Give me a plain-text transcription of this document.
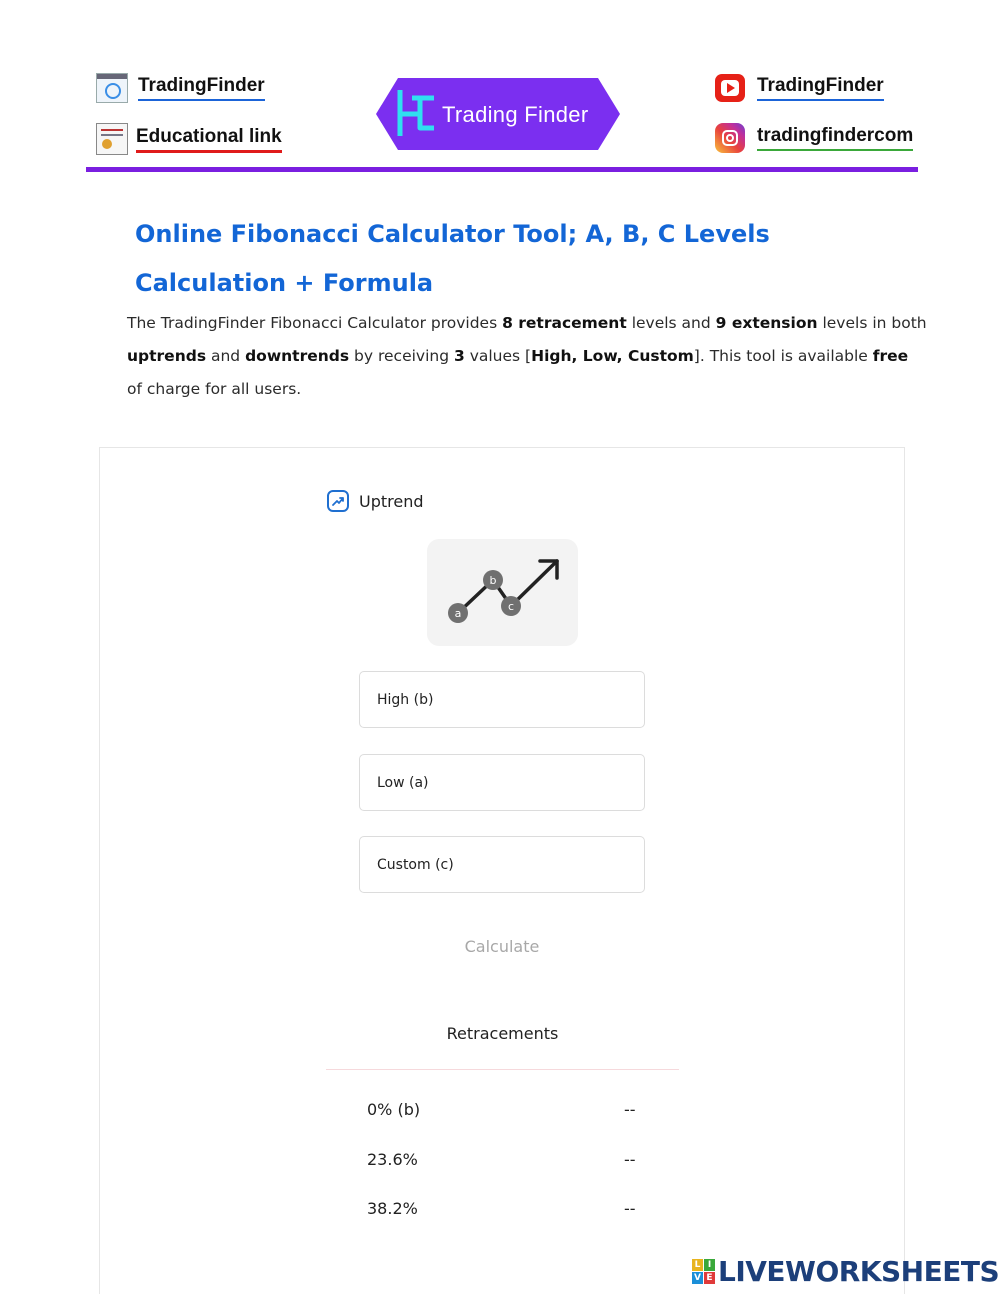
TradingFinder
Educational link
Trading Finder
TradingFinder
tradingfindercom
Online Fibonacci Calculator Tool; A, B, C Levels Calculation + Formula

The TradingFinder Fibonacci Calculator provides 8 retracement levels and 9 extension levels in both uptrends and downtrends by receiving 3 values [High, Low, Custom]. This tool is available free of charge for all users.

Uptrend
a
b
c
High (b)
Low (a)
Custom (c)
Calculate
Retracements
0% (b)	--
23.6%	--
38.2%	--
L I
V E LIVEWORKSHEETS
